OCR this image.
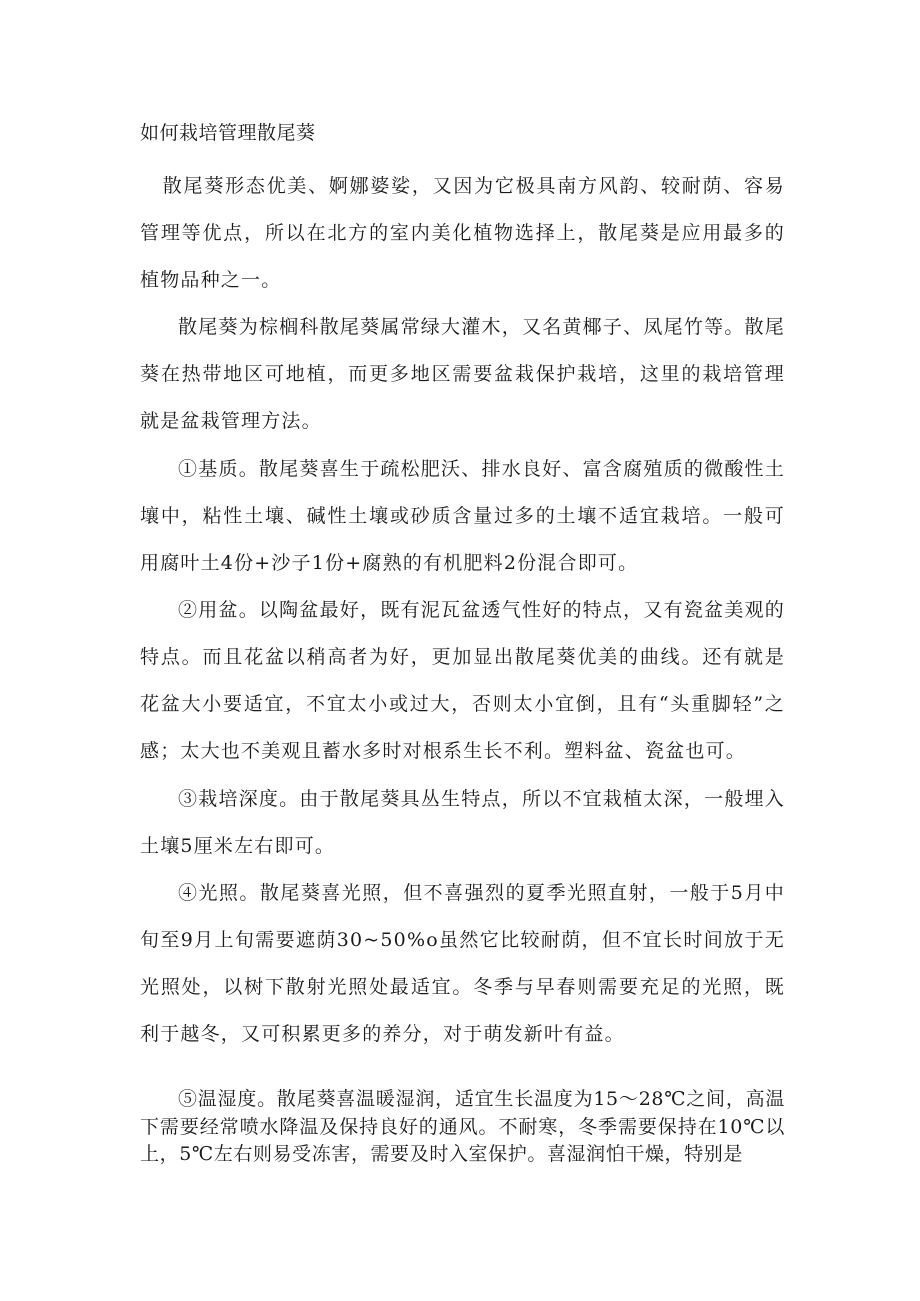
如何栽培管理散尾葵

散尾葵形态优美、婀娜婆娑，又因为它极具南方风韵、较耐荫、容易管理等优点，所以在北方的室内美化植物选择上，散尾葵是应用最多的植物品种之一。

散尾葵为棕榈科散尾葵属常绿大灌木，又名黄椰子、凤尾竹等。散尾葵在热带地区可地植，而更多地区需要盆栽保护栽培，这里的栽培管理就是盆栽管理方法。

①基质。散尾葵喜生于疏松肥沃、排水良好、富含腐殖质的微酸性土壤中，粘性土壤、碱性土壤或砂质含量过多的土壤不适宜栽培。一般可用腐叶土4份+沙子1份+腐熟的有机肥料2份混合即可。

②用盆。以陶盆最好，既有泥瓦盆透气性好的特点，又有瓷盆美观的特点。而且花盆以稍高者为好，更加显出散尾葵优美的曲线。还有就是花盆大小要适宜，不宜太小或过大，否则太小宜倒，且有“头重脚轻”之感；太大也不美观且蓄水多时对根系生长不利。塑料盆、瓷盆也可。

③栽培深度。由于散尾葵具丛生特点，所以不宜栽植太深，一般埋入土壤5厘米左右即可。

④光照。散尾葵喜光照，但不喜强烈的夏季光照直射，一般于5月中旬至9月上旬需要遮荫30~50%o虽然它比较耐荫，但不宜长时间放于无光照处，以树下散射光照处最适宜。冬季与早春则需要充足的光照，既利于越冬，又可积累更多的养分，对于萌发新叶有益。

⑤温湿度。散尾葵喜温暖湿润，适宜生长温度为15～28℃之间，高温下需要经常喷水降温及保持良好的通风。不耐寒，冬季需要保持在10℃以上，5℃左右则易受冻害，需要及时入室保护。喜湿润怕干燥，特别是
